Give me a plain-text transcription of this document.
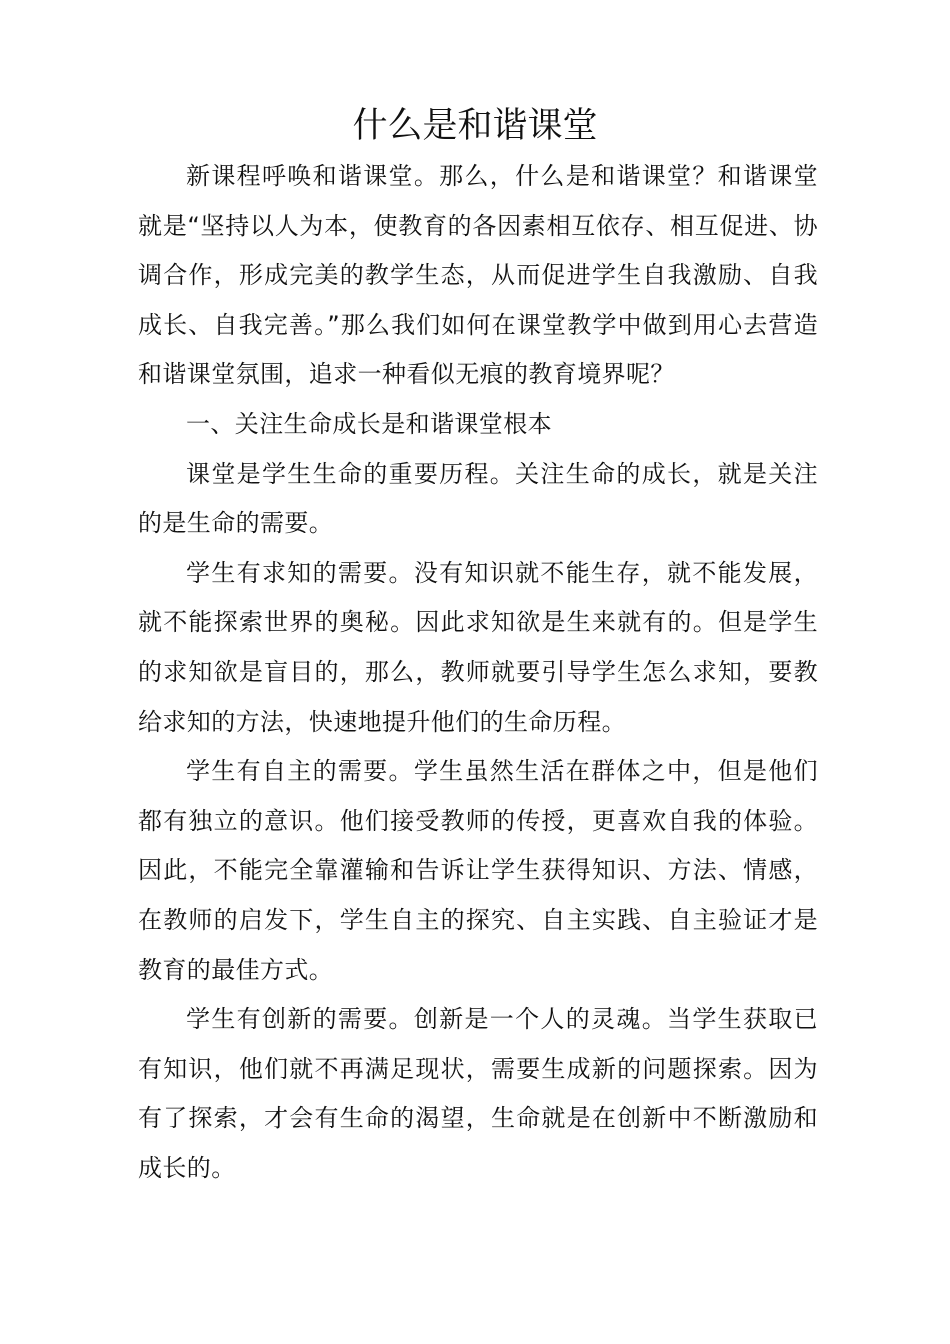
什么是和谐课堂

新课程呼唤和谐课堂。那么，什么是和谐课堂？和谐课堂就是“坚持以人为本，使教育的各因素相互依存、相互促进、协调合作，形成完美的教学生态，从而促进学生自我激励、自我成长、自我完善。”那么我们如何在课堂教学中做到用心去营造和谐课堂氛围，追求一种看似无痕的教育境界呢？

一、关注生命成长是和谐课堂根本

课堂是学生生命的重要历程。关注生命的成长，就是关注的是生命的需要。

学生有求知的需要。没有知识就不能生存，就不能发展，就不能探索世界的奥秘。因此求知欲是生来就有的。但是学生的求知欲是盲目的，那么，教师就要引导学生怎么求知，要教给求知的方法，快速地提升他们的生命历程。

学生有自主的需要。学生虽然生活在群体之中，但是他们都有独立的意识。他们接受教师的传授，更喜欢自我的体验。因此，不能完全靠灌输和告诉让学生获得知识、方法、情感，在教师的启发下，学生自主的探究、自主实践、自主验证才是教育的最佳方式。

学生有创新的需要。创新是一个人的灵魂。当学生获取已有知识，他们就不再满足现状，需要生成新的问题探索。因为有了探索，才会有生命的渴望，生命就是在创新中不断激励和成长的。
